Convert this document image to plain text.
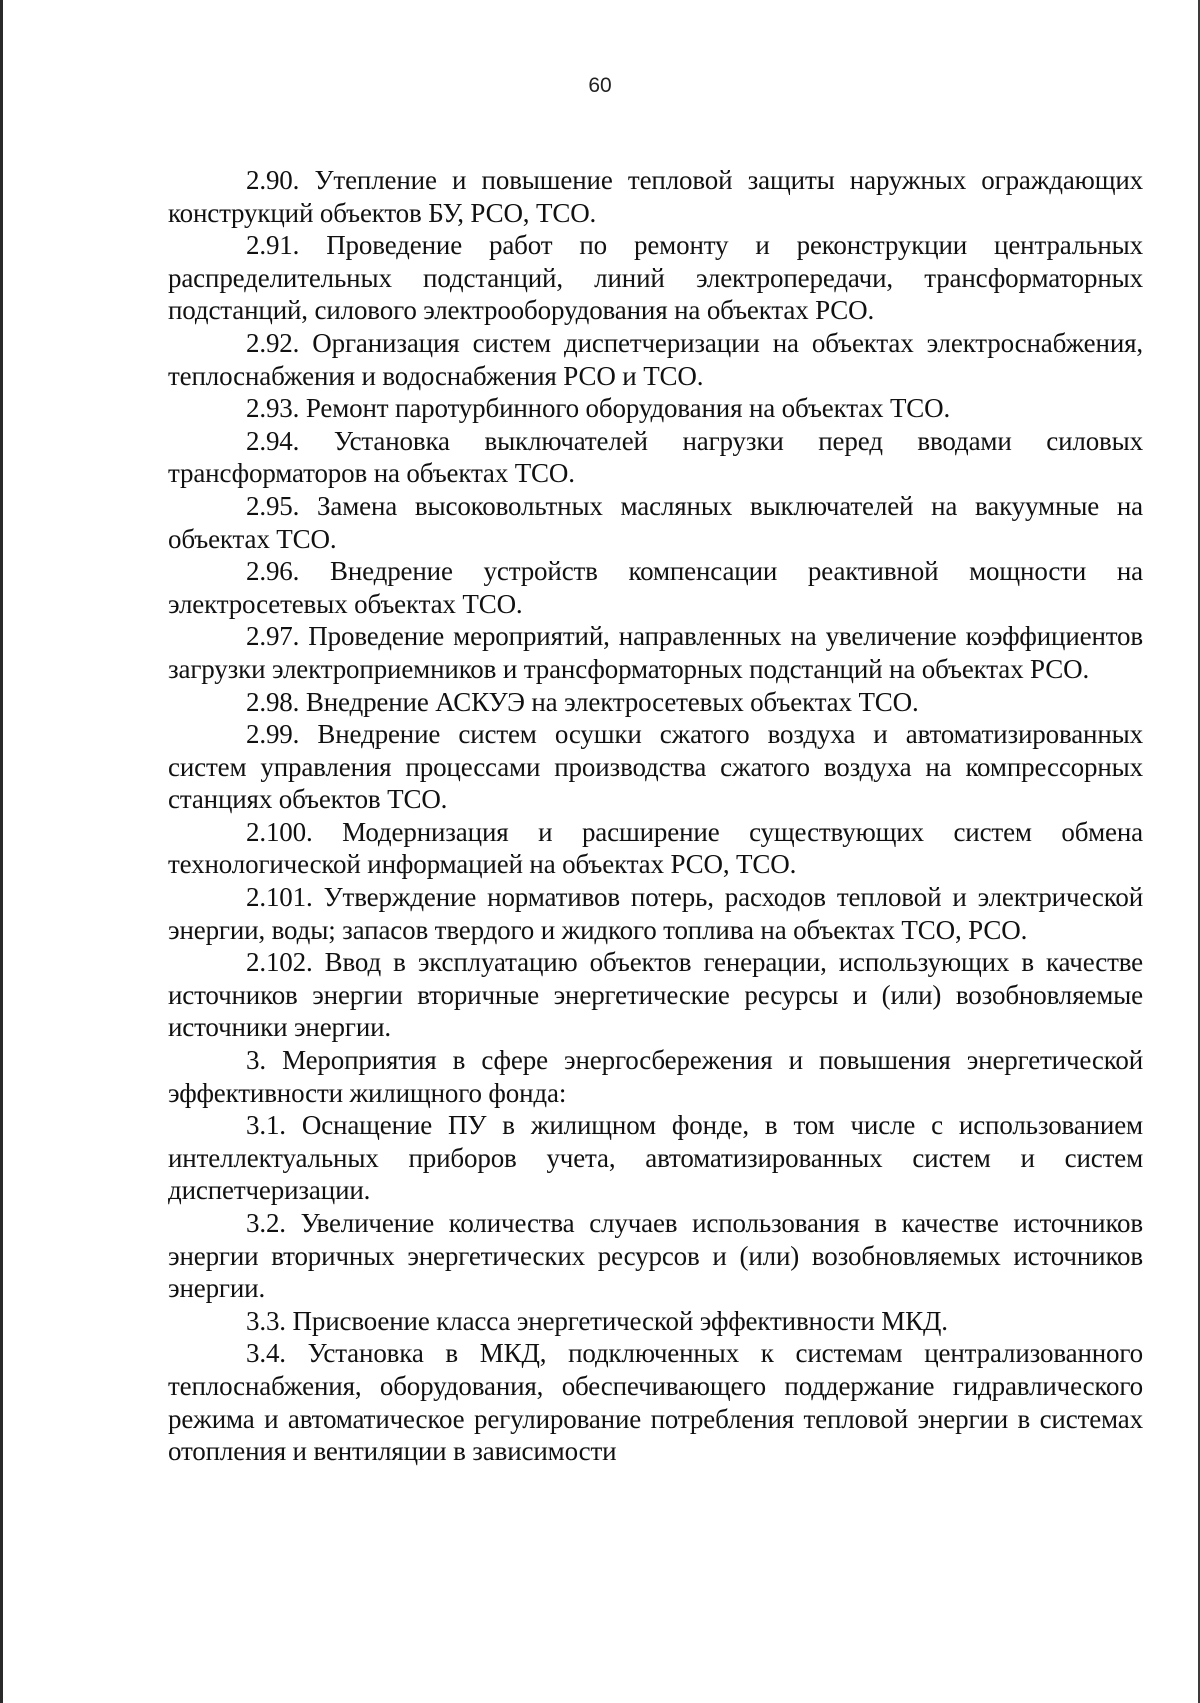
60

2.90. Утепление и повышение тепловой защиты наружных ограждающих конструкций объектов БУ, РСО, ТСО.

2.91. Проведение работ по ремонту и реконструкции центральных распределительных подстанций, линий электропередачи, трансформаторных подстанций, силового электрооборудования на объектах РСО.

2.92. Организация систем диспетчеризации на объектах электроснабжения, теплоснабжения и водоснабжения РСО и ТСО.

2.93. Ремонт паротурбинного оборудования на объектах ТСО.

2.94. Установка выключателей нагрузки перед вводами силовых трансформаторов на объектах ТСО.

2.95. Замена высоковольтных масляных выключателей на вакуумные на объектах ТСО.

2.96. Внедрение устройств компенсации реактивной мощности на электросетевых объектах ТСО.

2.97. Проведение мероприятий, направленных на увеличение коэффициентов загрузки электроприемников и трансформаторных подстанций на объектах РСО.

2.98. Внедрение АСКУЭ на электросетевых объектах ТСО.

2.99. Внедрение систем осушки сжатого воздуха и автоматизированных систем управления процессами производства сжатого воздуха на компрессорных станциях объектов ТСО.

2.100. Модернизация и расширение существующих систем обмена технологической информацией на объектах РСО, ТСО.

2.101. Утверждение нормативов потерь, расходов тепловой и электрической энергии, воды; запасов твердого и жидкого топлива на объектах ТСО, РСО.

2.102. Ввод в эксплуатацию объектов генерации, использующих в качестве источников энергии вторичные энергетические ресурсы и (или) возобновляемые источники энергии.

3. Мероприятия в сфере энергосбережения и повышения энергетической эффективности жилищного фонда:

3.1. Оснащение ПУ в жилищном фонде, в том числе с использованием интеллектуальных приборов учета, автоматизированных систем и систем диспетчеризации.

3.2. Увеличение количества случаев использования в качестве источников энергии вторичных энергетических ресурсов и (или) возобновляемых источников энергии.

3.3. Присвоение класса энергетической эффективности МКД.

3.4. Установка в МКД, подключенных к системам централизованного теплоснабжения, оборудования, обеспечивающего поддержание гидравлического режима и автоматическое регулирование потребления тепловой энергии в системах отопления и вентиляции в зависимости
